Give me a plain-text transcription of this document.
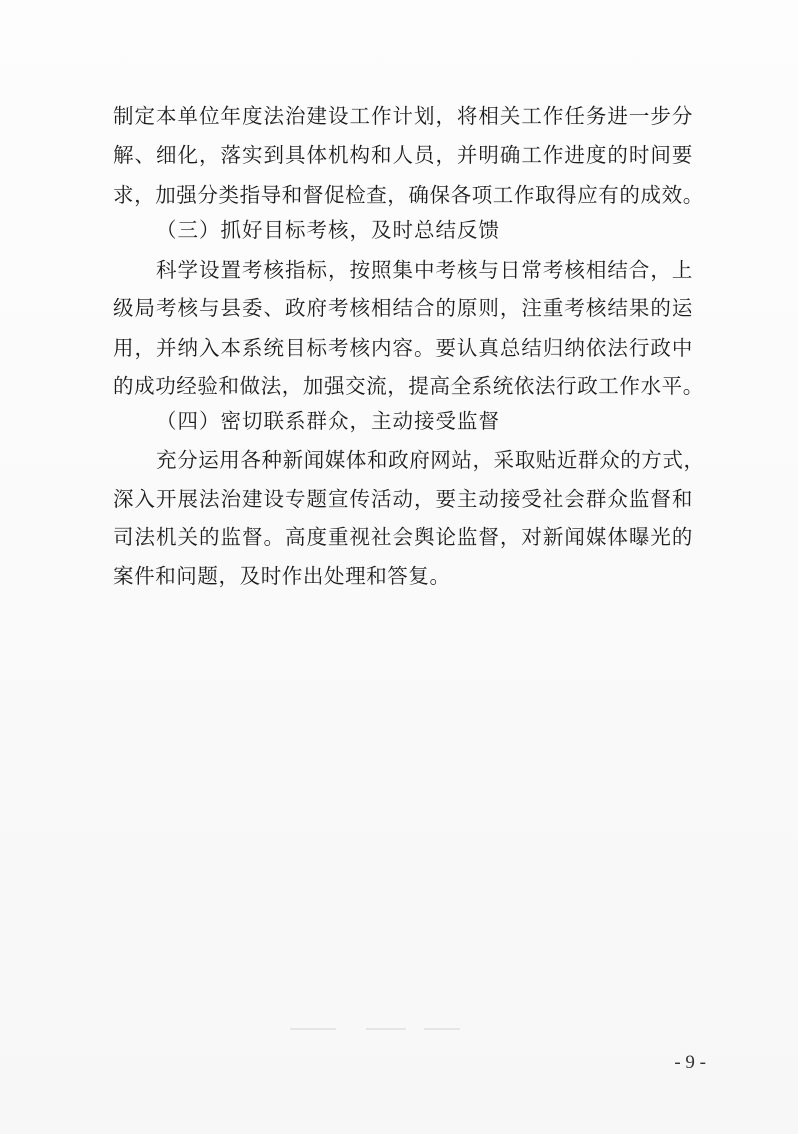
制定本单位年度法治建设工作计划，将相关工作任务进一步分
解、细化，落实到具体机构和人员，并明确工作进度的时间要
求，加强分类指导和督促检查，确保各项工作取得应有的成效。
（三）抓好目标考核，及时总结反馈
科学设置考核指标，按照集中考核与日常考核相结合，上
级局考核与县委、政府考核相结合的原则，注重考核结果的运
用，并纳入本系统目标考核内容。要认真总结归纳依法行政中
的成功经验和做法，加强交流，提高全系统依法行政工作水平。
（四）密切联系群众，主动接受监督
充分运用各种新闻媒体和政府网站，采取贴近群众的方式，
深入开展法治建设专题宣传活动，要主动接受社会群众监督和
司法机关的监督。高度重视社会舆论监督，对新闻媒体曝光的
案件和问题，及时作出处理和答复。
- 9 -
